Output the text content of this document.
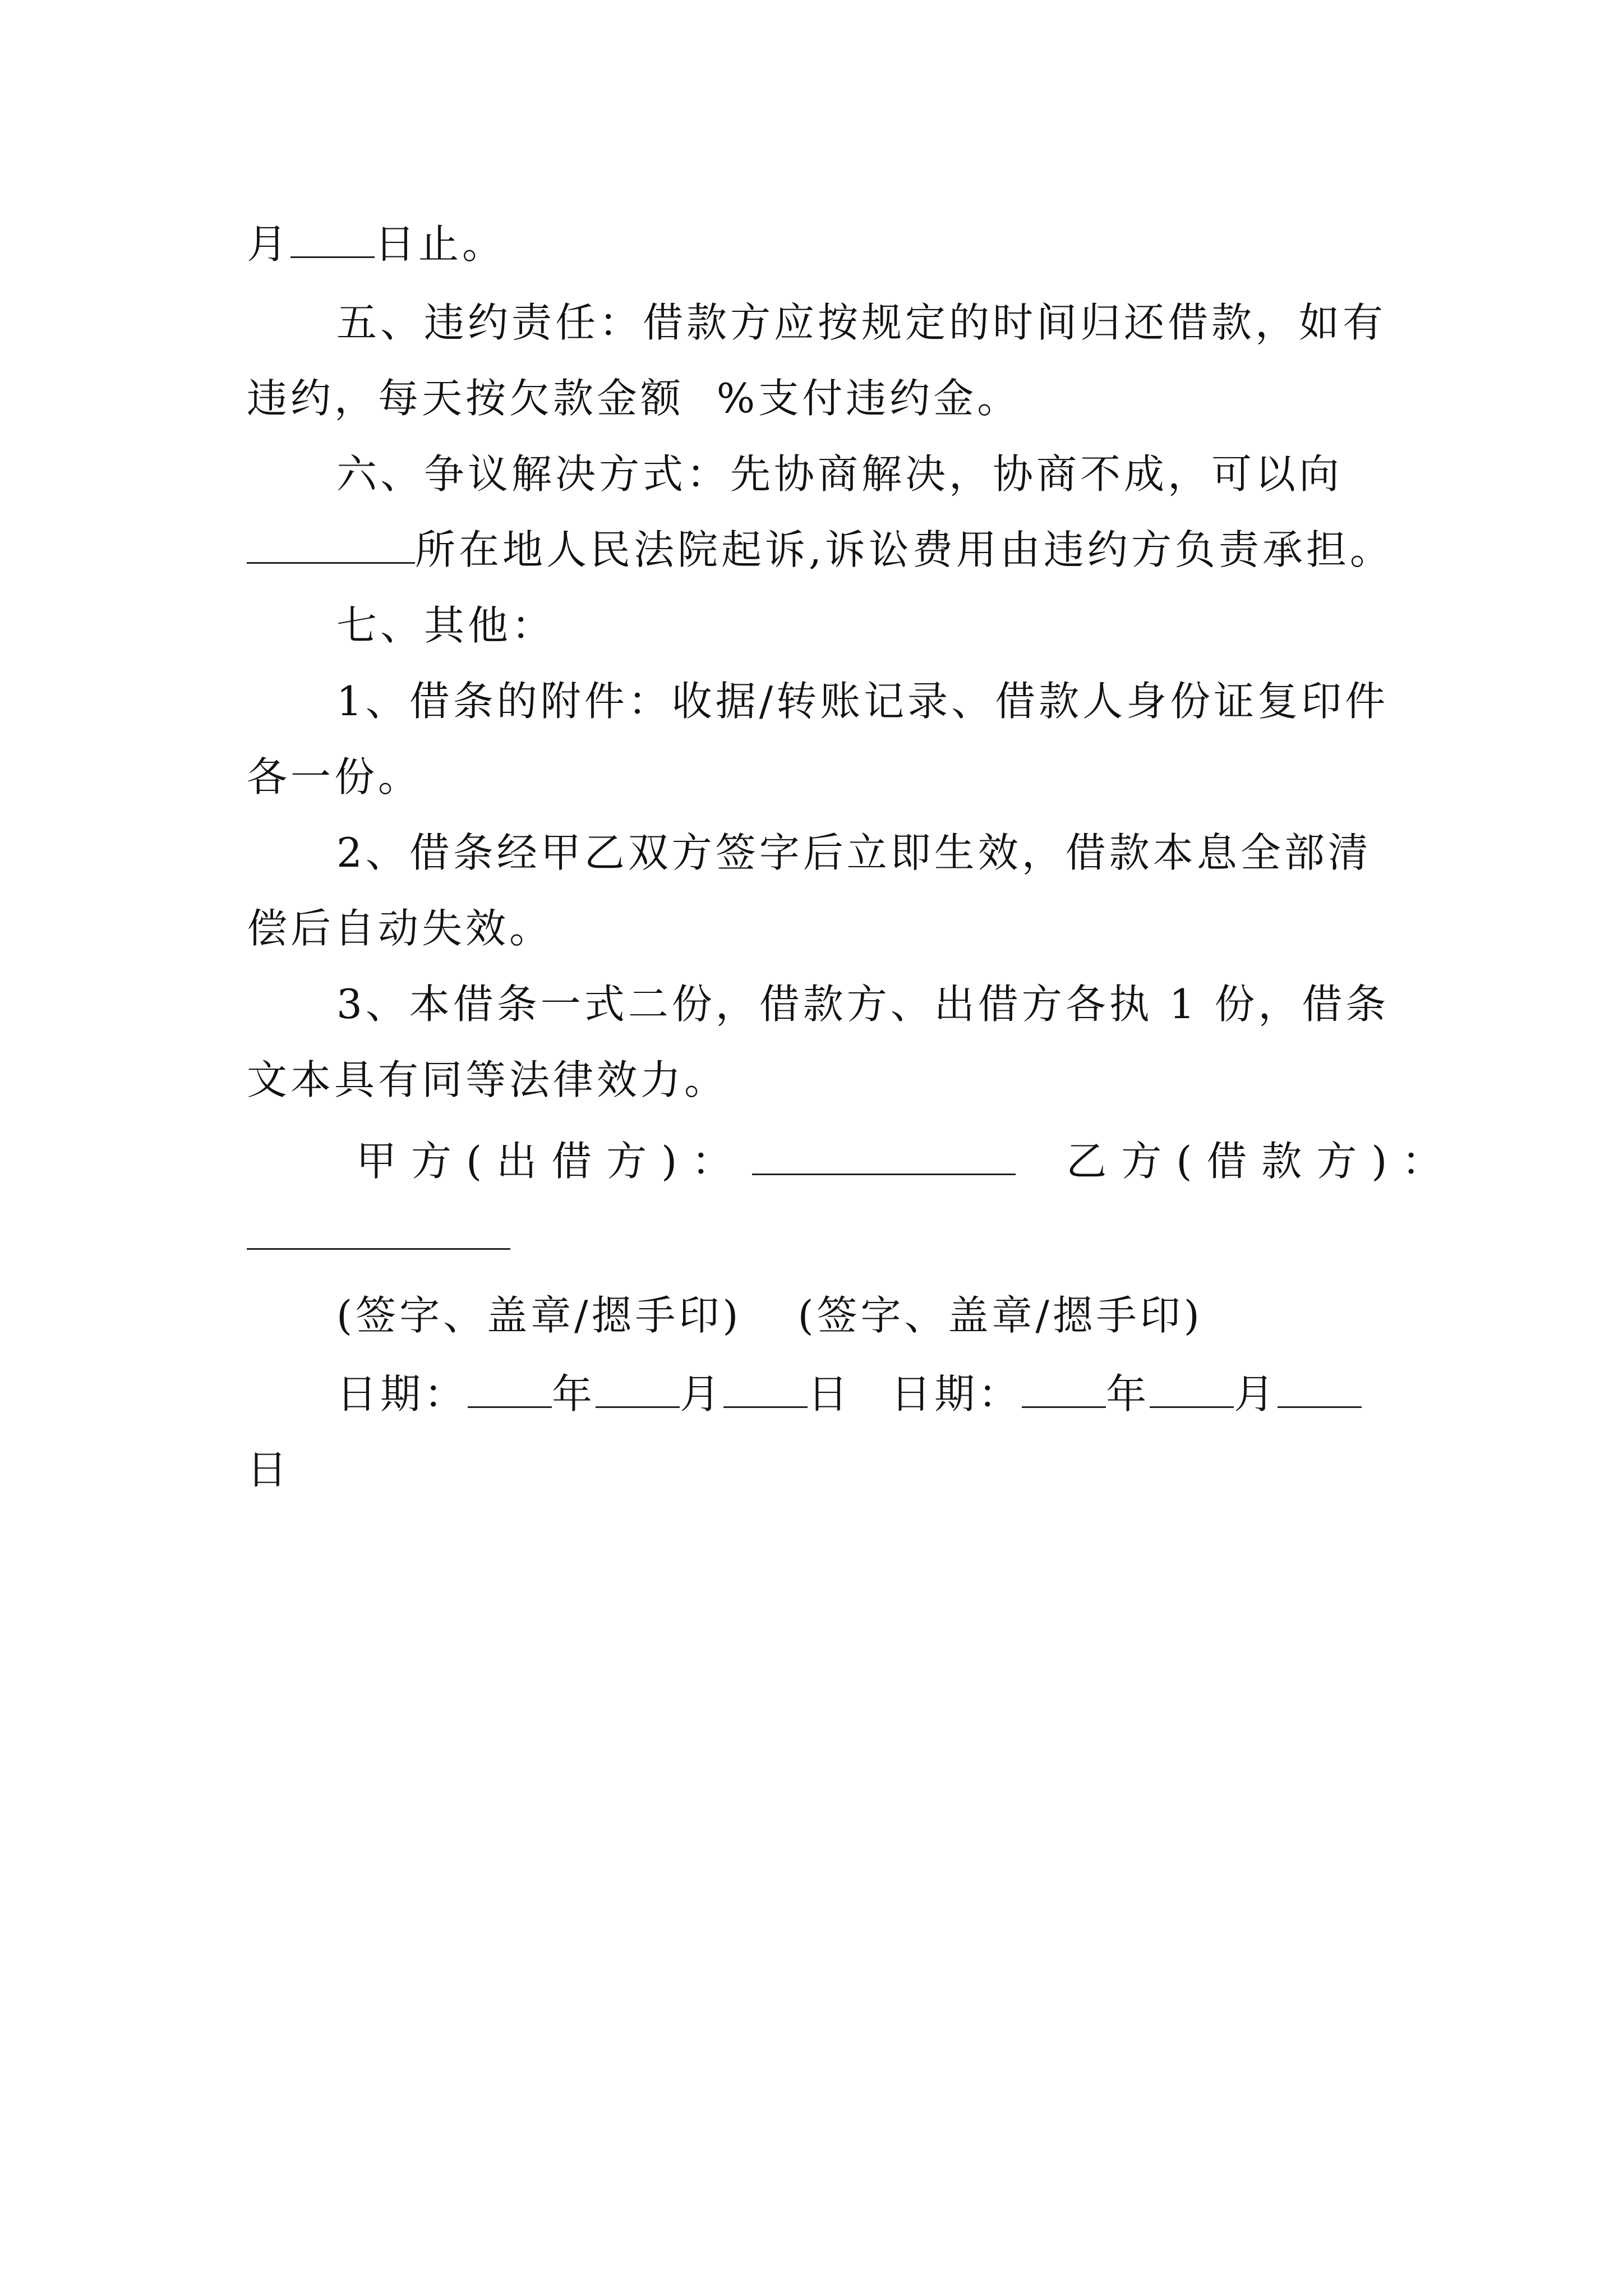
月 日止。
五、违约责任：借款方应按规定的时间归还借款，如有
违约，每天按欠款金额  %支付违约金。
六、争议解决方式：先协商解决，协商不成，可以向
所在地人民法院起诉,诉讼费用由违约方负责承担。
七、其他：
1、借条的附件：收据/转账记录、借款人身份证复印件
各一份。
2、借条经甲乙双方签字后立即生效，借款本息全部清
偿后自动失效。
3、本借条一式二份，借款方、出借方各执 1 份，借条
文本具有同等法律效力。
甲方(出借方)：	乙方(借款方)：
(签字、盖章/摁手印) (签字、盖章/摁手印)
日期： 年 月 日 日期： 年 月
日
